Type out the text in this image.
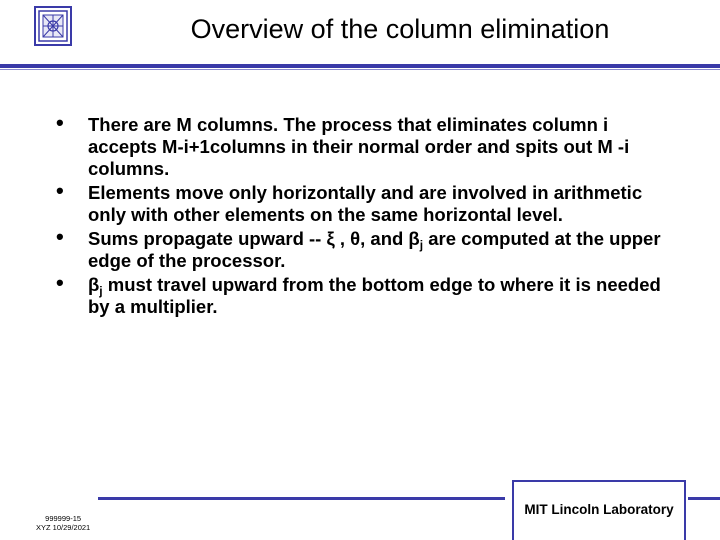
Overview of the column elimination
• There are M columns. The process that eliminates column i accepts M-i+1columns in their normal order and spits out M -i columns.
• Elements move only horizontally and are involved in arithmetic only with other elements on the same horizontal level.
• Sums propagate upward -- ξ , θ, and $\beta_j$ are computed at the upper edge of the processor.
• $\beta_j$ must travel upward from the bottom edge to where it is needed by a multiplier.
999999-15
XYZ 10/29/2021
MIT Lincoln Laboratory
